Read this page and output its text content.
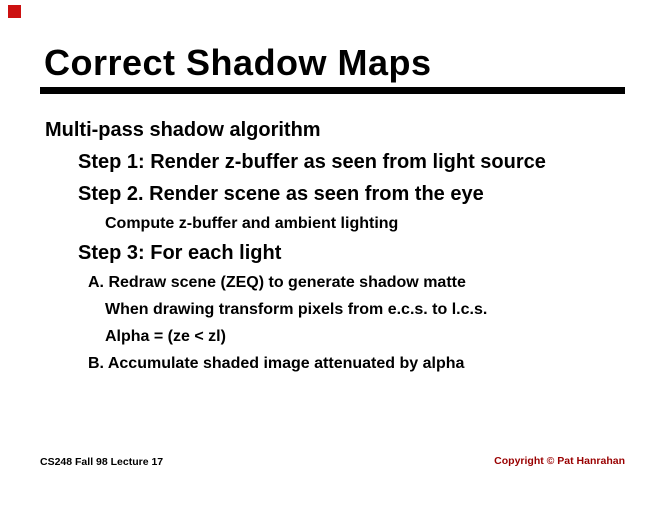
Correct Shadow Maps
Multi-pass shadow algorithm
Step 1: Render z-buffer as seen from light source
Step 2. Render scene as seen from the eye
Compute z-buffer and ambient lighting
Step 3: For each light
A. Redraw scene (ZEQ) to generate shadow matte
When drawing transform pixels from e.c.s. to l.c.s.
Alpha = (ze < zl)
B. Accumulate shaded image attenuated by alpha
CS248 Fall 98 Lecture 17	Copyright © Pat Hanrahan
